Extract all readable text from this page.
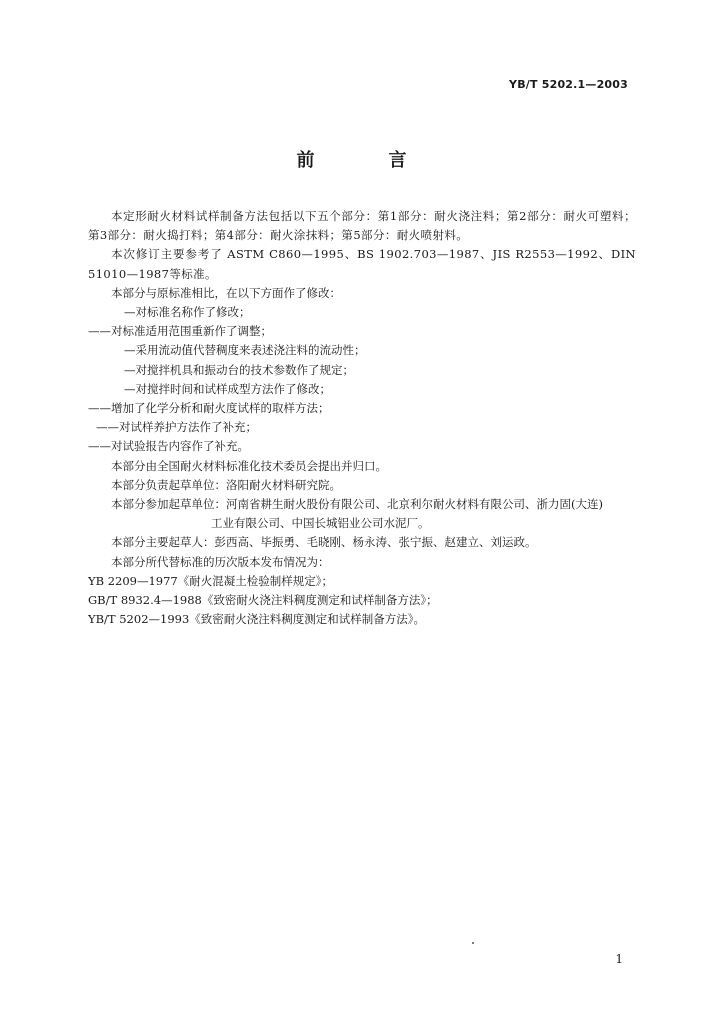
YB/T 5202.1—2003
前　言

本定形耐火材料试样制备方法包括以下五个部分：第1部分：耐火浇注料；第2部分：耐火可塑料；第3部分：耐火捣打料；第4部分：耐火涂抹料；第5部分：耐火喷射料。

本次修订主要参考了 ASTM C860—1995、BS 1902.703—1987、JIS R2553—1992、DIN 51010—1987等标准。

本部分与原标准相比，在以下方面作了修改：

—对标准名称作了修改；

——对标准适用范围重新作了调整；

—采用流动值代替稠度来表述浇注料的流动性；

—对搅拌机具和振动台的技术参数作了规定；

—对搅拌时间和试样成型方法作了修改；

——增加了化学分析和耐火度试样的取样方法；

——对试样养护方法作了补充；

——对试验报告内容作了补充。

本部分由全国耐火材料标准化技术委员会提出并归口。

本部分负责起草单位：洛阳耐火材料研究院。

本部分参加起草单位：河南省耕生耐火股份有限公司、北京利尔耐火材料有限公司、浙力固(大连)

工业有限公司、中国长城铝业公司水泥厂。

本部分主要起草人：彭西高、毕振勇、毛晓刚、杨永涛、张宁振、赵建立、刘运政。

本部分所代替标准的历次版本发布情况为：

YB 2209—1977《耐火混凝土检验制样规定》；

GB/T 8932.4—1988《致密耐火浇注料稠度测定和试样制备方法》；

YB/T 5202—1993《致密耐火浇注料稠度测定和试样制备方法》。

1
